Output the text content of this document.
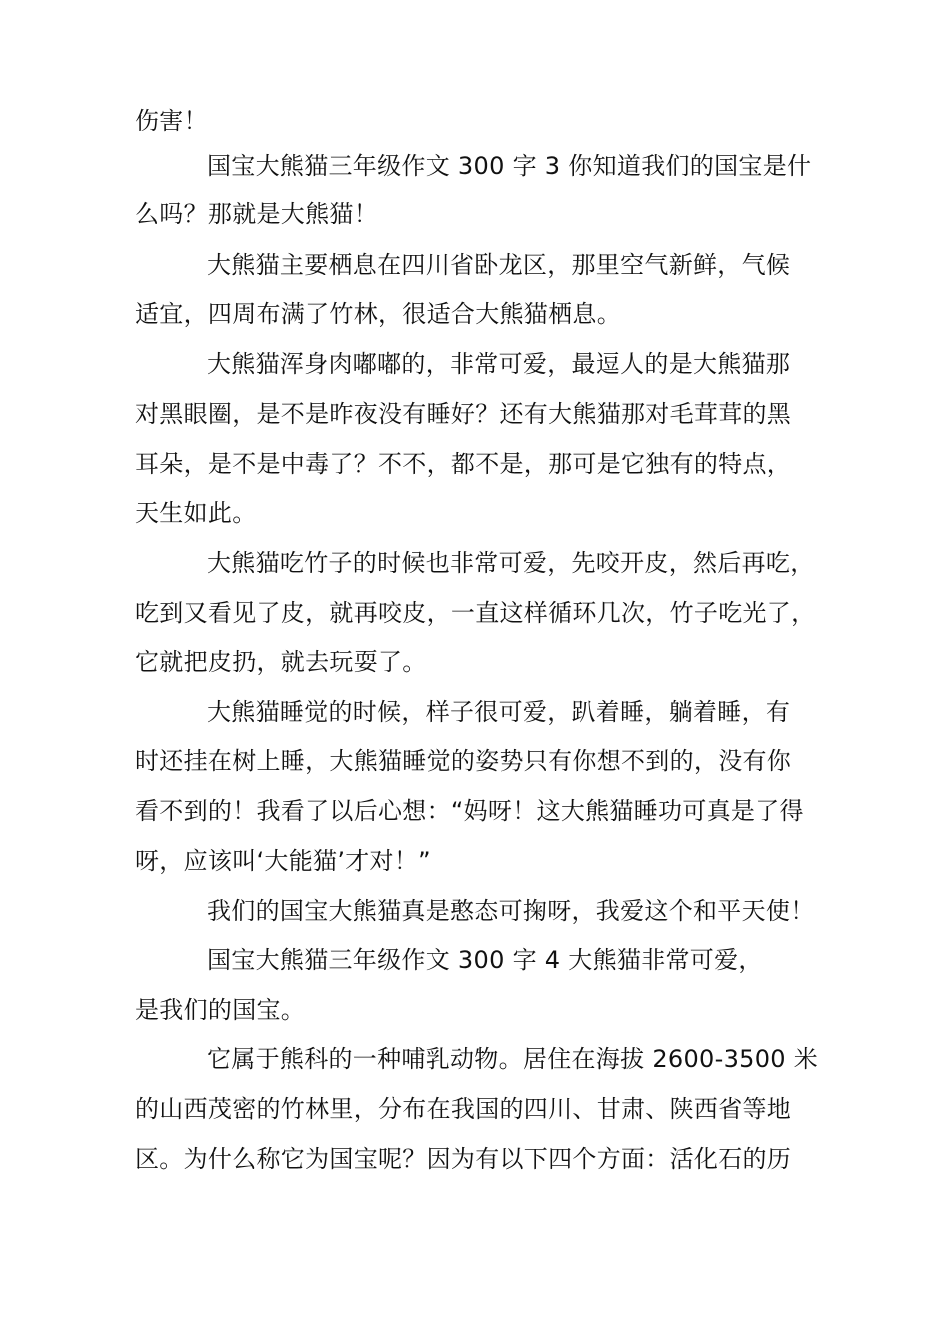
伤害！
国宝大熊猫三年级作文 300 字 3 你知道我们的国宝是什
么吗？那就是大熊猫！
大熊猫主要栖息在四川省卧龙区，那里空气新鲜，气候
适宜，四周布满了竹林，很适合大熊猫栖息。
大熊猫浑身肉嘟嘟的，非常可爱，最逗人的是大熊猫那
对黑眼圈，是不是昨夜没有睡好？还有大熊猫那对毛茸茸的黑
耳朵，是不是中毒了？不不，都不是，那可是它独有的特点，
天生如此。
大熊猫吃竹子的时候也非常可爱，先咬开皮，然后再吃，
吃到又看见了皮，就再咬皮，一直这样循环几次，竹子吃光了，
它就把皮扔，就去玩耍了。
大熊猫睡觉的时候，样子很可爱，趴着睡，躺着睡，有
时还挂在树上睡，大熊猫睡觉的姿势只有你想不到的，没有你
看不到的！我看了以后心想：“妈呀！这大熊猫睡功可真是了得
呀，应该叫‘大能猫’才对！”
我们的国宝大熊猫真是憨态可掬呀，我爱这个和平天使！
国宝大熊猫三年级作文 300 字 4 大熊猫非常可爱，
是我们的国宝。
它属于熊科的一种哺乳动物。居住在海拔 2600-3500 米
的山西茂密的竹林里，分布在我国的四川、甘肃、陕西省等地
区。为什么称它为国宝呢？因为有以下四个方面：活化石的历
